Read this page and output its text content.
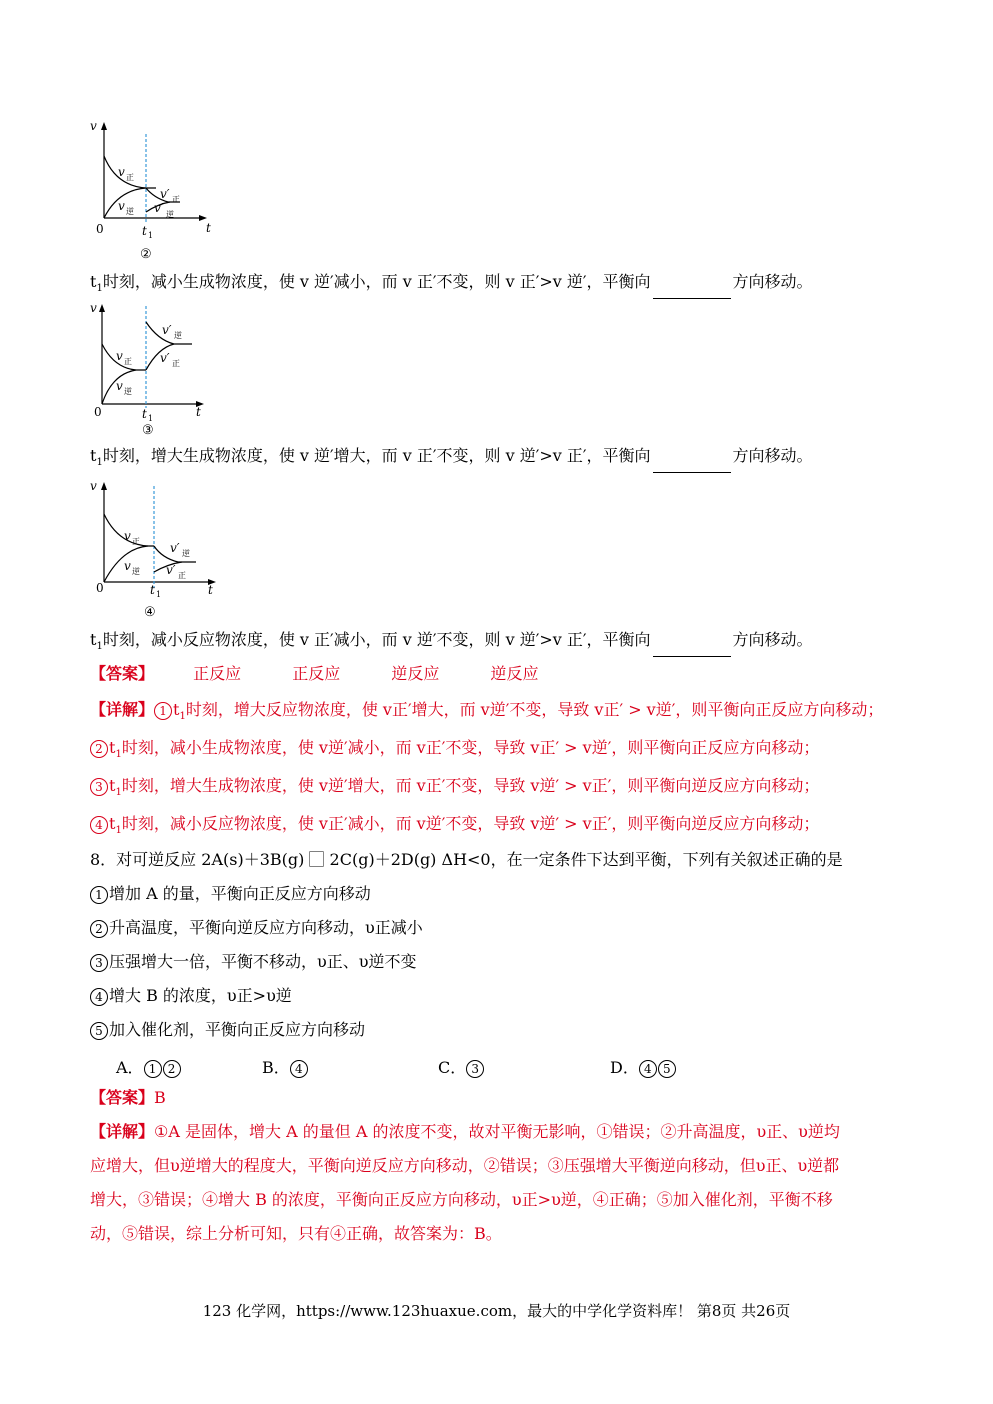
v
t
0	t 1
v 正
v 逆
v′ 正
v′ 逆
②
$t_1$时刻，减小生成物浓度，使 v 逆′减小，而 v 正′不变，则 v 正′>v 逆′，平衡向	方向移动。
v
t
0	t 1
v 正
v 逆
v′ 逆
v′ 正
③
$t_1$时刻，增大生成物浓度，使 v 逆′增大，而 v 正′不变，则 v 逆′>v 正′，平衡向	方向移动。
v
t
0	t 1
v 正
v 逆
v′ 逆
v′ 正
④
$t_1$时刻，减小反应物浓度，使 v 正′减小，而 v 逆′不变，则 v 逆′>v 正′，平衡向	方向移动。
【答案】 正反应	正反应	逆反应	逆反应
【详解】 1 $t_1$时刻，增大反应物浓度，使 v正′增大，而 v逆′不变，导致 v正′ > v逆′，则平衡向正反应方向移动；
2 $t_1$时刻，减小生成物浓度，使 v逆′减小，而 v正′不变，导致 v正′ > v逆′，则平衡向正反应方向移动；
3 $t_1$时刻，增大生成物浓度，使 v逆′增大，而 v正′不变，导致 v逆′ > v正′，则平衡向逆反应方向移动；
4 $t_1$时刻，减小反应物浓度，使 v正′减小，而 v逆′不变，导致 v逆′ > v正′，则平衡向逆反应方向移动；
8．对可逆反应 2A(s)＋3B(g) ⃞ 2C(g)＋2D(g) ΔH<0，在一定条件下达到平衡，下列有关叙述正确的是
1 增加 A 的量，平衡向正反应方向移动
2 升高温度，平衡向逆反应方向移动，υ正减小
3 压强增大一倍，平衡不移动，υ正、υ逆不变
4 增大 B 的浓度，υ正>υ逆
5 加入催化剂，平衡向正反应方向移动
A． 1 2	B． 4	C． 3	D． 4 5
【答案】B
【详解】①A 是固体，增大 A 的量但 A 的浓度不变，故对平衡无影响，①错误；②升高温度，υ正、υ逆均
应增大，但υ逆增大的程度大，平衡向逆反应方向移动，②错误；③压强增大平衡逆向移动，但υ正、υ逆都
增大，③错误；④增大 B 的浓度，平衡向正反应方向移动，υ正>υ逆，④正确；⑤加入催化剂，平衡不移
动，⑤错误，综上分析可知，只有④正确，故答案为：B。
123 化学网，https://www.123huaxue.com，最大的中学化学资料库！ 第8页 共26页
